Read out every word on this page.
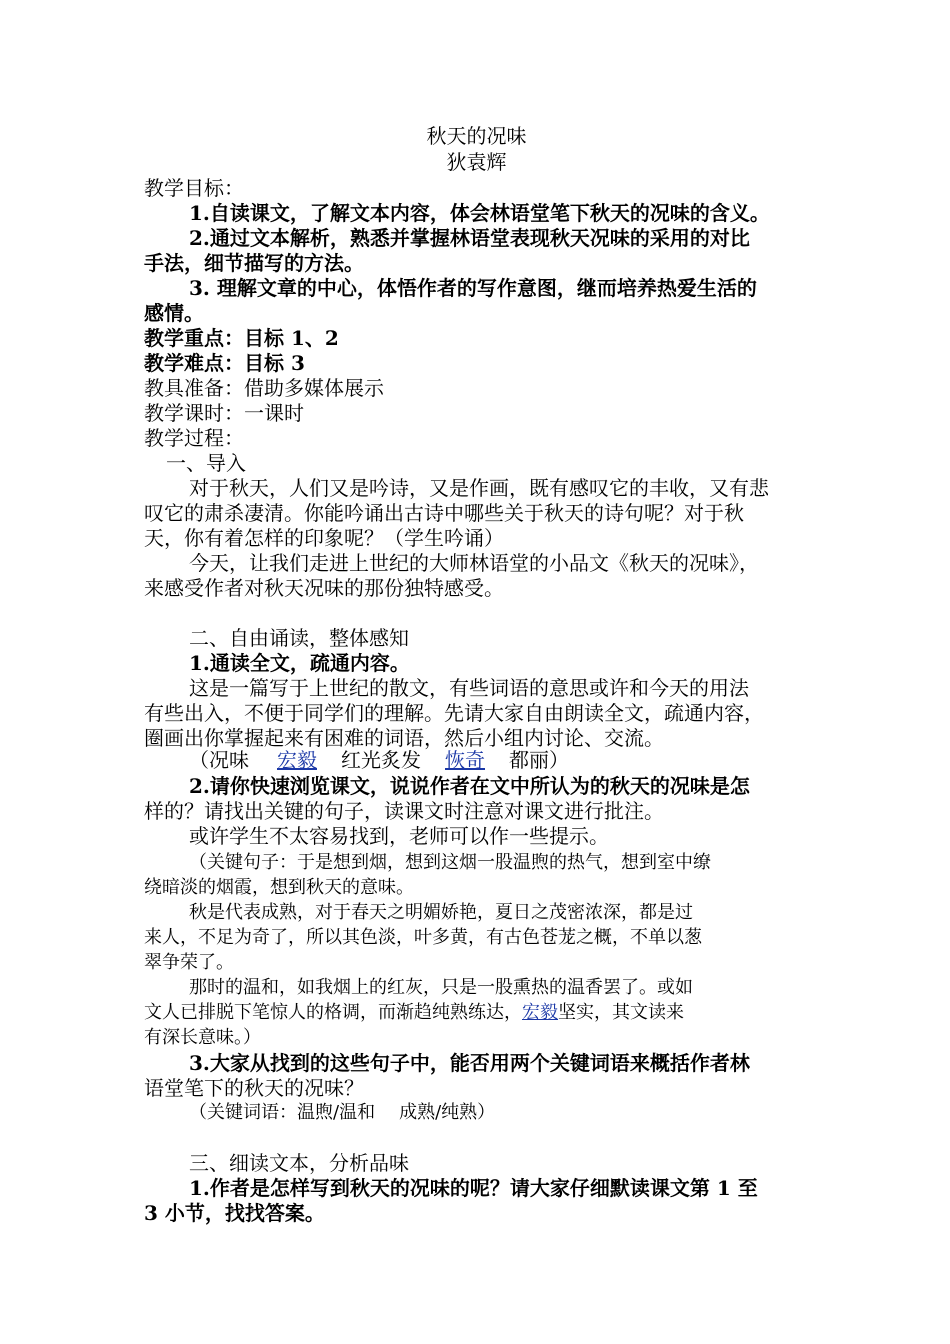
秋天的况味
狄袁辉
教学目标：
1.自读课文，了解文本内容，体会林语堂笔下秋天的况味的含义。
2.通过文本解析，熟悉并掌握林语堂表现秋天况味的采用的对比
手法，细节描写的方法。
3. 理解文章的中心，体悟作者的写作意图，继而培养热爱生活的
感情。
教学重点：目标 1、2
教学难点：目标 3
教具准备：借助多媒体展示
教学课时：一课时
教学过程：
一、导入
对于秋天，人们又是吟诗，又是作画，既有感叹它的丰收，又有悲
叹它的肃杀凄清。你能吟诵出古诗中哪些关于秋天的诗句呢？对于秋
天，你有着怎样的印象呢？（学生吟诵）
今天，让我们走进上世纪的大师林语堂的小品文《秋天的况味》，
来感受作者对秋天况味的那份独特感受。
二、自由诵读，整体感知
1.通读全文，疏通内容。
这是一篇写于上世纪的散文，有些词语的意思或许和今天的用法
有些出入，不便于同学们的理解。先请大家自由朗读全文，疏通内容，
圈画出你掌握起来有困难的词语，然后小组内讨论、交流。
（况味 宏毅 红光炙发 恢奇 都丽）
2.请你快速浏览课文，说说作者在文中所认为的秋天的况味是怎
样的？请找出关键的句子，读课文时注意对课文进行批注。
或许学生不太容易找到，老师可以作一些提示。
（关键句子：于是想到烟，想到这烟一股温煦的热气，想到室中缭
绕暗淡的烟霞，想到秋天的意味。
秋是代表成熟，对于春天之明媚娇艳，夏日之茂密浓深，都是过
来人，不足为奇了，所以其色淡，叶多黄，有古色苍茏之概，不单以葱
翠争荣了。
那时的温和，如我烟上的红灰，只是一股熏热的温香罢了。或如
文人已排脱下笔惊人的格调，而渐趋纯熟练达，宏毅坚实，其文读来
有深长意味。）
3.大家从找到的这些句子中，能否用两个关键词语来概括作者林
语堂笔下的秋天的况味？
（关键词语：温煦/温和 成熟/纯熟）
三、细读文本，分析品味
1.作者是怎样写到秋天的况味的呢？请大家仔细默读课文第 1 至
3 小节，找找答案。
